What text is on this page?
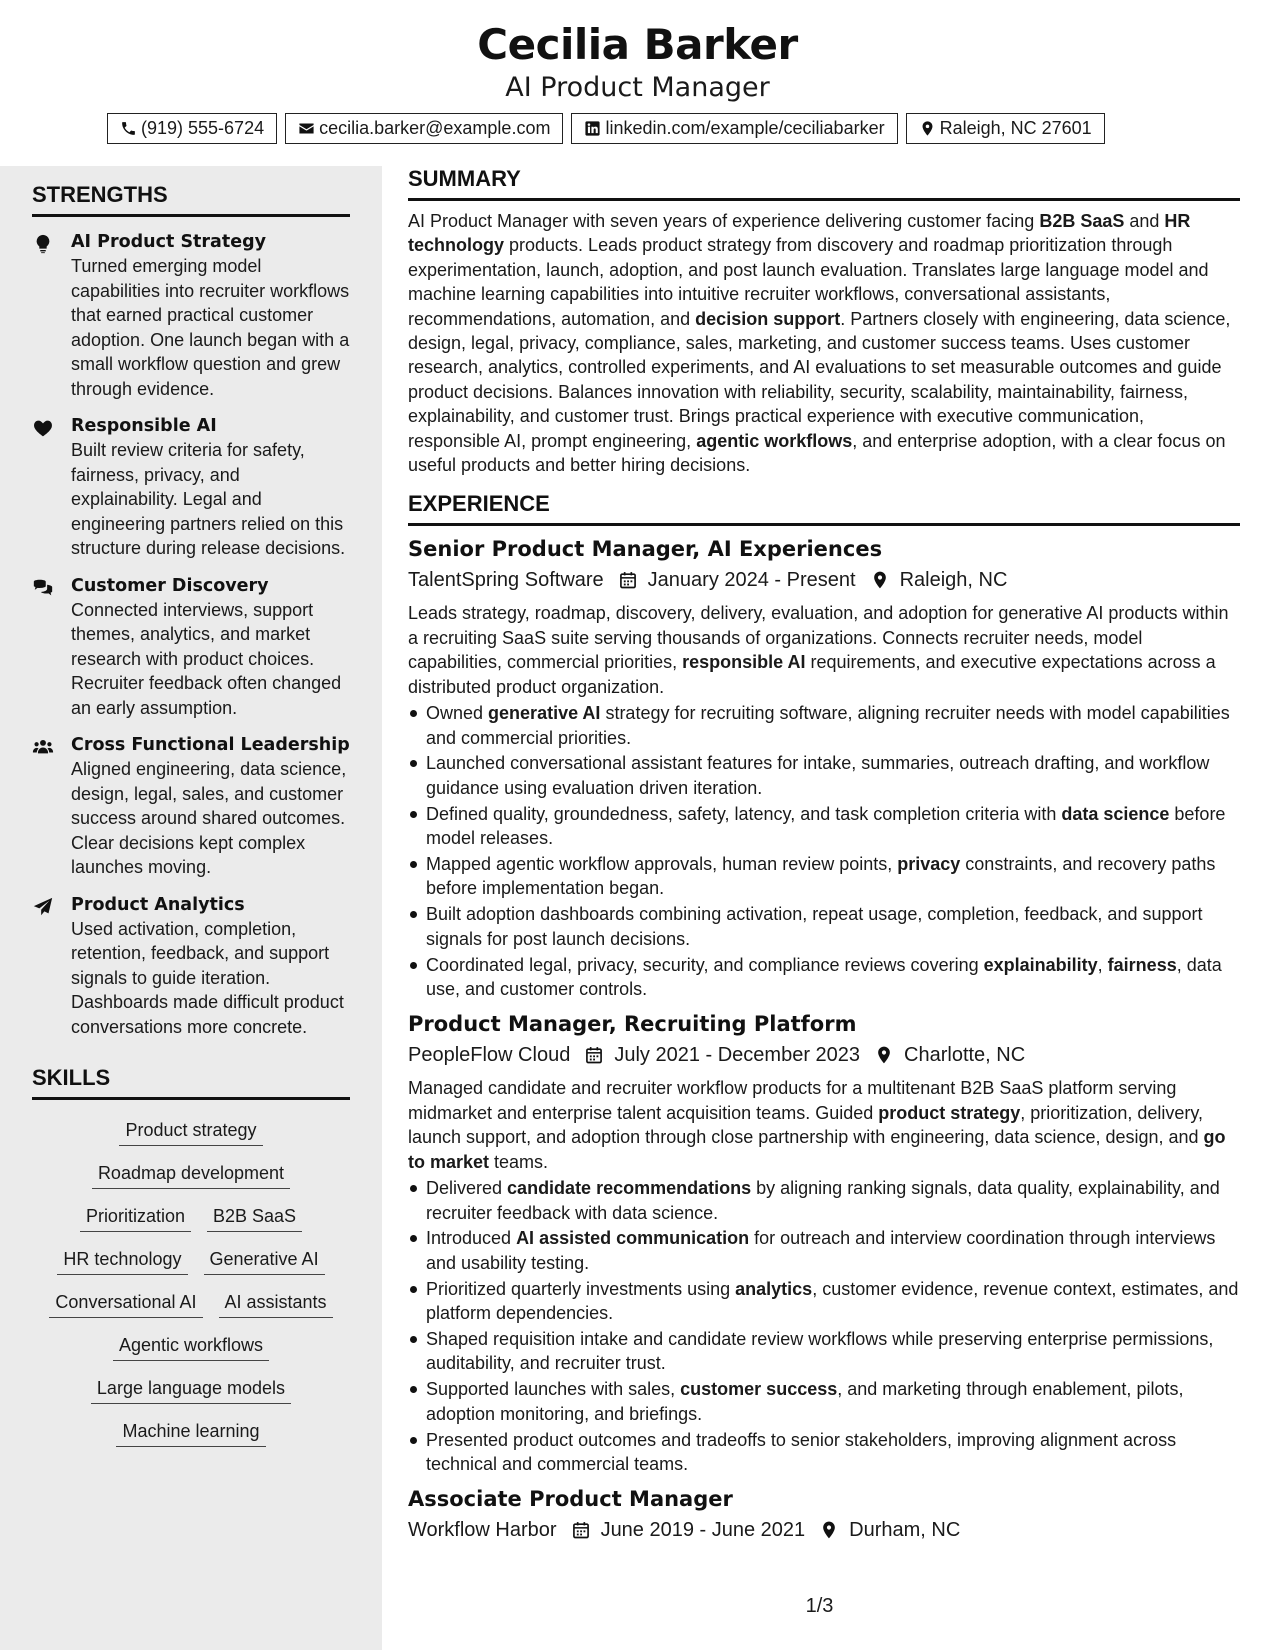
Cecilia Barker
AI Product Manager
(919) 555-6724	cecilia.barker@example.com	linkedin.com/example/ceciliabarker	Raleigh, NC 27601
STRENGTHS
AI Product Strategy
Turned emerging model capabilities into recruiter workflows that earned practical customer adoption. One launch began with a small workflow question and grew through evidence.
Responsible AI
Built review criteria for safety, fairness, privacy, and explainability. Legal and engineering partners relied on this structure during release decisions.
Customer Discovery
Connected interviews, support themes, analytics, and market research with product choices. Recruiter feedback often changed an early assumption.
Cross Functional Leadership
Aligned engineering, data science, design, legal, sales, and customer success around shared outcomes. Clear decisions kept complex launches moving.
Product Analytics
Used activation, completion, retention, feedback, and support signals to guide iteration. Dashboards made difficult product conversations more concrete.
SKILLS
Product strategy
Roadmap development
Prioritization	B2B SaaS
HR technology	Generative AI
Conversational AI	AI assistants
Agentic workflows
Large language models
Machine learning
SUMMARY
AI Product Manager with seven years of experience delivering customer facing B2B SaaS and HR technology products. Leads product strategy from discovery and roadmap prioritization through experimentation, launch, adoption, and post launch evaluation. Translates large language model and machine learning capabilities into intuitive recruiter workflows, conversational assistants, recommendations, automation, and decision support. Partners closely with engineering, data science, design, legal, privacy, compliance, sales, marketing, and customer success teams. Uses customer research, analytics, controlled experiments, and AI evaluations to set measurable outcomes and guide product decisions. Balances innovation with reliability, security, scalability, maintainability, fairness, explainability, and customer trust. Brings practical experience with executive communication, responsible AI, prompt engineering, agentic workflows, and enterprise adoption, with a clear focus on useful products and better hiring decisions.
EXPERIENCE
Senior Product Manager, AI Experiences
TalentSpring Software January 2024 - Present Raleigh, NC
Leads strategy, roadmap, discovery, delivery, evaluation, and adoption for generative AI products within a recruiting SaaS suite serving thousands of organizations. Connects recruiter needs, model capabilities, commercial priorities, responsible AI requirements, and executive expectations across a distributed product organization.
Owned generative AI strategy for recruiting software, aligning recruiter needs with model capabilities and commercial priorities.
Launched conversational assistant features for intake, summaries, outreach drafting, and workflow guidance using evaluation driven iteration.
Defined quality, groundedness, safety, latency, and task completion criteria with data science before model releases.
Mapped agentic workflow approvals, human review points, privacy constraints, and recovery paths before implementation began.
Built adoption dashboards combining activation, repeat usage, completion, feedback, and support signals for post launch decisions.
Coordinated legal, privacy, security, and compliance reviews covering explainability, fairness, data use, and customer controls.
Product Manager, Recruiting Platform
PeopleFlow Cloud July 2021 - December 2023 Charlotte, NC
Managed candidate and recruiter workflow products for a multitenant B2B SaaS platform serving midmarket and enterprise talent acquisition teams. Guided product strategy, prioritization, delivery, launch support, and adoption through close partnership with engineering, data science, design, and go to market teams.
Delivered candidate recommendations by aligning ranking signals, data quality, explainability, and recruiter feedback with data science.
Introduced AI assisted communication for outreach and interview coordination through interviews and usability testing.
Prioritized quarterly investments using analytics, customer evidence, revenue context, estimates, and platform dependencies.
Shaped requisition intake and candidate review workflows while preserving enterprise permissions, auditability, and recruiter trust.
Supported launches with sales, customer success, and marketing through enablement, pilots, adoption monitoring, and briefings.
Presented product outcomes and tradeoffs to senior stakeholders, improving alignment across technical and commercial teams.
Associate Product Manager
Workflow Harbor June 2019 - June 2021 Durham, NC
1/3
